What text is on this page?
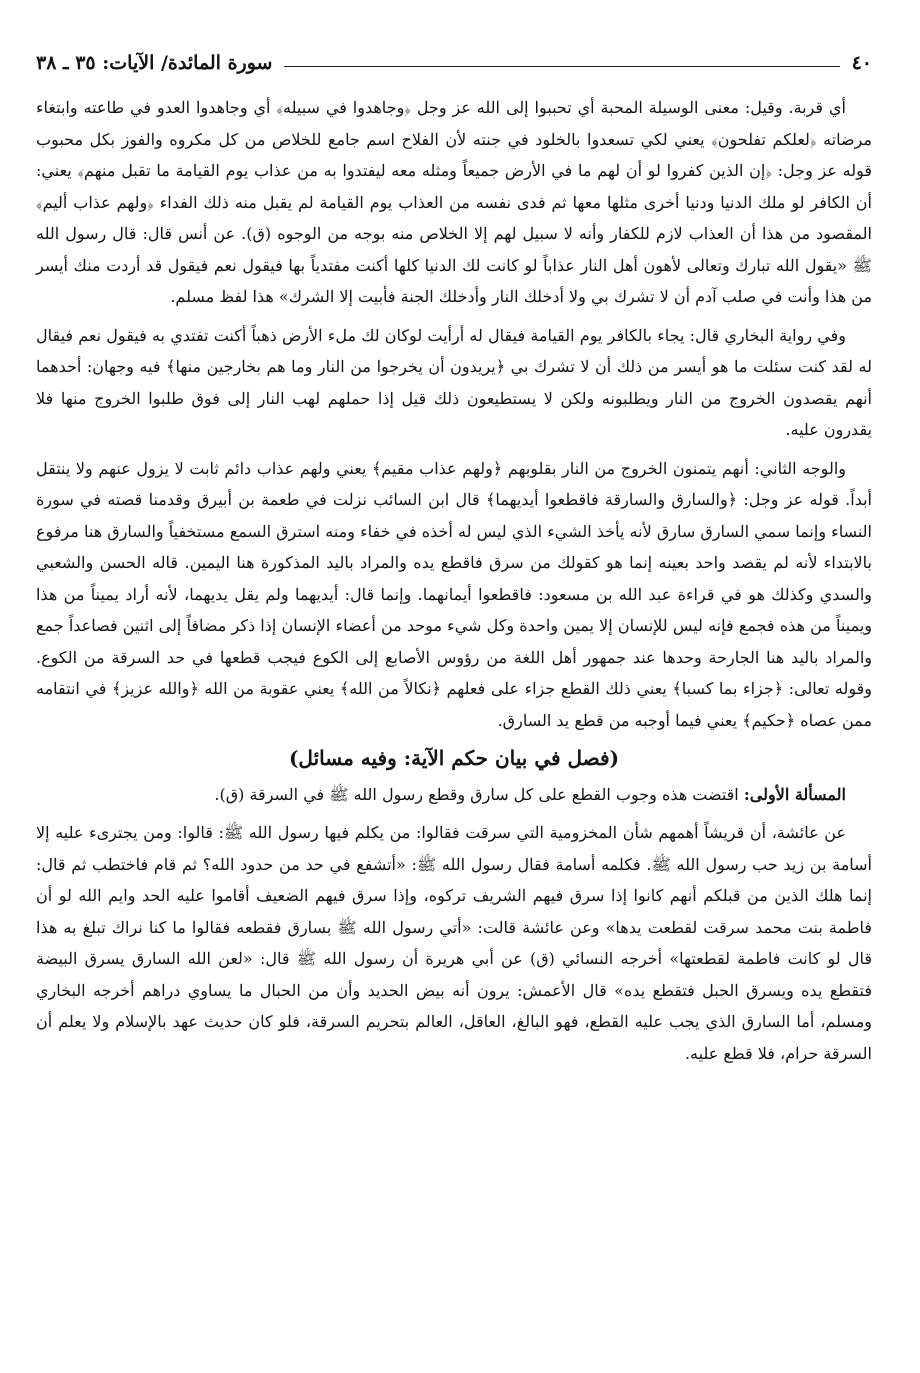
٤٠
سورة المائدة/ الآيات: ٣٥ ـ ٣٨

أي قربة. وقيل: معنى الوسيلة المحبة أي تحببوا إلى الله عز وجل ﴿وجاهدوا في سبيله﴾ أي وجاهدوا العدو في طاعته وابتغاء مرضاته ﴿لعلكم تفلحون﴾ يعني لكي تسعدوا بالخلود في جنته لأن الفلاح اسم جامع للخلاص من كل مكروه والفوز بكل محبوب قوله عز وجل: ﴿إن الذين كفروا لو أن لهم ما في الأرض جميعاً ومثله معه ليفتدوا به من عذاب يوم القيامة ما تقبل منهم﴾ يعني: أن الكافر لو ملك الدنيا ودنيا أخرى مثلها معها ثم فدى نفسه من العذاب يوم القيامة لم يقبل منه ذلك الفداء ﴿ولهم عذاب أليم﴾ المقصود من هذا أن العذاب لازم للكفار وأنه لا سبيل لهم إلا الخلاص منه بوجه من الوجوه (ق). عن أنس قال: قال رسول الله ﷺ «يقول الله تبارك وتعالى لأهون أهل النار عذاباً لو كانت لك الدنيا كلها أكنت مفتدياً بها فيقول نعم فيقول قد أردت منك أيسر من هذا وأنت في صلب آدم أن لا تشرك بي ولا أدخلك النار وأدخلك الجنة فأبيت إلا الشرك» هذا لفظ مسلم.

وفي رواية البخاري قال: يجاء بالكافر يوم القيامة فيقال له أرأيت لوكان لك ملء الأرض ذهباً أكنت تفتدي به فيقول نعم فيقال له لقد كنت سئلت ما هو أيسر من ذلك أن لا تشرك بي ﴿يريدون أن يخرجوا من النار وما هم بخارجين منها﴾ فيه وجهان: أحدهما أنهم يقصدون الخروج من النار ويطلبونه ولكن لا يستطيعون ذلك قيل إذا حملهم لهب النار إلى فوق طلبوا الخروج منها فلا يقدرون عليه.

والوجه الثاني: أنهم يتمنون الخروج من النار بقلوبهم ﴿ولهم عذاب مقيم﴾ يعني ولهم عذاب دائم ثابت لا يزول عنهم ولا ينتقل أبداً. قوله عز وجل: ﴿والسارق والسارقة فاقطعوا أيديهما﴾ قال ابن السائب نزلت في طعمة بن أبيرق وقدمنا قصته في سورة النساء وإنما سمي السارق سارق لأنه يأخذ الشيء الذي ليس له أخذه في خفاء ومنه استرق السمع مستخفياً والسارق هنا مرفوع بالابتداء لأنه لم يقصد واحد بعينه إنما هو كقولك من سرق فاقطع يده والمراد باليد المذكورة هنا اليمين. قاله الحسن والشعبي والسدي وكذلك هو في قراءة عبد الله بن مسعود: فاقطعوا أيمانهما. وإنما قال: أيديهما ولم يقل يديهما، لأنه أراد يميناً من هذا ويميناً من هذه فجمع فإنه ليس للإنسان إلا يمين واحدة وكل شيء موحد من أعضاء الإنسان إذا ذكر مضافاً إلى اثنين فصاعداً جمع والمراد باليد هنا الجارحة وحدها عند جمهور أهل اللغة من رؤوس الأصابع إلى الكوع فيجب قطعها في حد السرقة من الكوع. وقوله تعالى: ﴿جزاء بما كسبا﴾ يعني ذلك القطع جزاء على فعلهم ﴿نكالاً من الله﴾ يعني عقوبة من الله ﴿والله عزيز﴾ في انتقامه ممن عصاه ﴿حكيم﴾ يعني فيما أوجبه من قطع يد السارق.

(فصل في بيان حكم الآية: وفيه مسائل)

المسألة الأولى: اقتضت هذه وجوب القطع على كل سارق وقطع رسول الله ﷺ في السرقة (ق).

عن عائشة، أن قريشاً أهمهم شأن المخزومية التي سرقت فقالوا: من يكلم فيها رسول الله ﷺ: قالوا: ومن يجترىء عليه إلا أسامة بن زيد حب رسول الله ﷺ. فكلمه أسامة فقال رسول الله ﷺ: «أتشفع في حد من حدود الله؟ ثم قام فاختطب ثم قال: إنما هلك الذين من قبلكم أنهم كانوا إذا سرق فيهم الشريف تركوه، وإذا سرق فيهم الضعيف أقاموا عليه الحد وايم الله لو أن فاطمة بنت محمد سرقت لقطعت يدها» وعن عائشة قالت: «أتي رسول الله ﷺ بسارق فقطعه فقالوا ما كنا نراك تبلغ به هذا قال لو كانت فاطمة لقطعتها» أخرجه النسائي (ق) عن أبي هريرة أن رسول الله ﷺ قال: «لعن الله السارق يسرق البيضة فتقطع يده ويسرق الحبل فتقطع يده» قال الأعمش: يرون أنه بيض الحديد وأن من الحبال ما يساوي دراهم أخرجه البخاري ومسلم، أما السارق الذي يجب عليه القطع، فهو البالغ، العاقل، العالم بتحريم السرقة، فلو كان حديث عهد بالإسلام ولا يعلم أن السرقة حرام، فلا قطع عليه.
